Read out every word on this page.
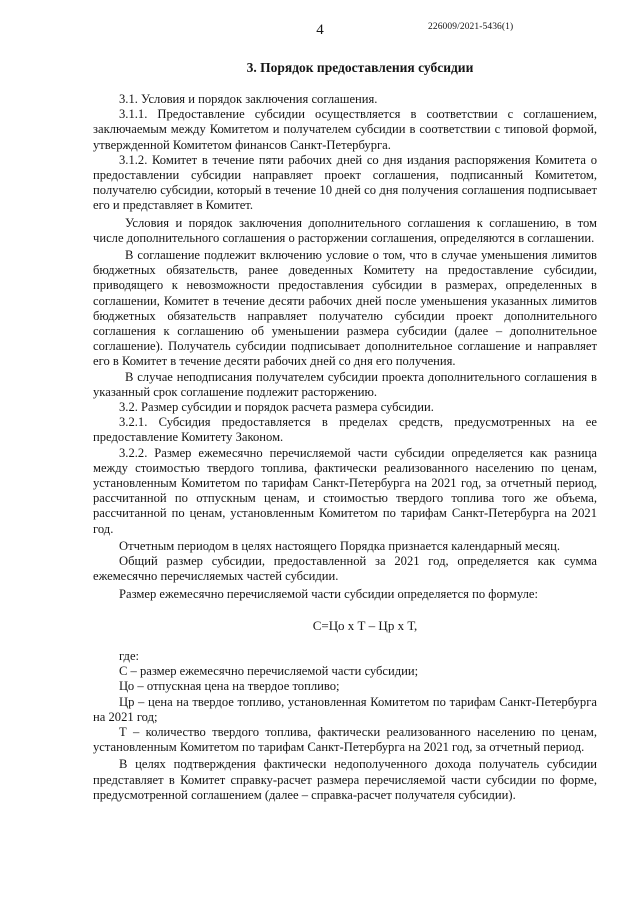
4	226009/2021-5436(1)
3. Порядок предоставления субсидии

3.1. Условия и порядок заключения соглашения.

3.1.1. Предоставление субсидии осуществляется в соответствии с соглашением, заключаемым между Комитетом и получателем субсидии в соответствии с типовой формой, утвержденной Комитетом финансов Санкт-Петербурга.

3.1.2. Комитет в течение пяти рабочих дней со дня издания распоряжения Комитета о предоставлении субсидии направляет проект соглашения, подписанный Комитетом, получателю субсидии, который в течение 10 дней со дня получения соглашения подписывает его и представляет в Комитет.

Условия и порядок заключения дополнительного соглашения к соглашению, в том числе дополнительного соглашения о расторжении соглашения, определяются в соглашении.

В соглашение подлежит включению условие о том, что в случае уменьшения лимитов бюджетных обязательств, ранее доведенных Комитету на предоставление субсидии, приводящего к невозможности предоставления субсидии в размерах, определенных в соглашении, Комитет в течение десяти рабочих дней после уменьшения указанных лимитов бюджетных обязательств направляет получателю субсидии проект дополнительного соглашения к соглашению об уменьшении размера субсидии (далее – дополнительное соглашение). Получатель субсидии подписывает дополнительное соглашение и направляет его в Комитет в течение десяти рабочих дней со дня его получения.

В случае неподписания получателем субсидии проекта дополнительного соглашения в указанный срок соглашение подлежит расторжению.

3.2. Размер субсидии и порядок расчета размера субсидии.

3.2.1. Субсидия предоставляется в пределах средств, предусмотренных на ее предоставление Комитету Законом.

3.2.2. Размер ежемесячно перечисляемой части субсидии определяется как разница между стоимостью твердого топлива, фактически реализованного населению по ценам, установленным Комитетом по тарифам Санкт-Петербурга на 2021 год, за отчетный период, рассчитанной по отпускным ценам, и стоимостью твердого топлива того же объема, рассчитанной по ценам, установленным Комитетом по тарифам Санкт-Петербурга на 2021 год.

Отчетным периодом в целях настоящего Порядка признается календарный месяц.

Общий размер субсидии, предоставленной за 2021 год, определяется как сумма ежемесячно перечисляемых частей субсидии.

Размер ежемесячно перечисляемой части субсидии определяется по формуле:

С=Цо х Т – Цр х Т,

где:

С – размер ежемесячно перечисляемой части субсидии;

Цо – отпускная цена на твердое топливо;

Цр – цена на твердое топливо, установленная Комитетом по тарифам Санкт-Петербурга на 2021 год;

Т – количество твердого топлива, фактически реализованного населению по ценам, установленным Комитетом по тарифам Санкт-Петербурга на 2021 год, за отчетный период.

В целях подтверждения фактически недополученного дохода получатель субсидии представляет в Комитет справку-расчет размера перечисляемой части субсидии по форме, предусмотренной соглашением (далее – справка-расчет получателя субсидии).
